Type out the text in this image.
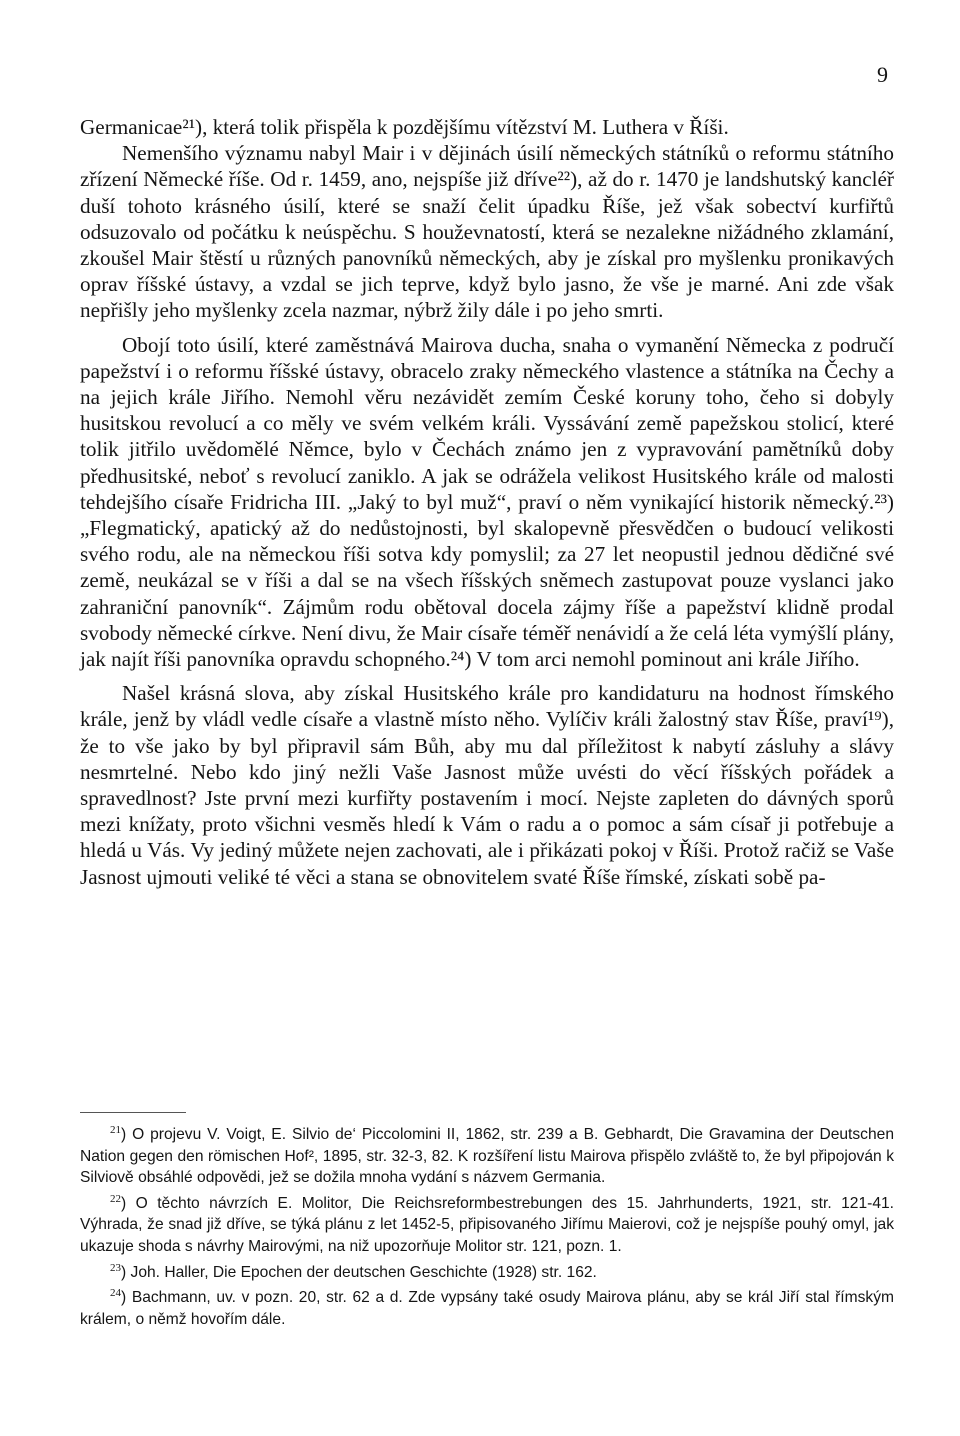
9

Germanicae²¹), která tolik přispěla k pozdějšímu vítězství M. Luthera v Říši.

Nemenšího významu nabyl Mair i v dějinách úsilí německých státníků o reformu státního zřízení Německé říše. Od r. 1459, ano, nejspíše již dříve²²), až do r. 1470 je landshutský kancléř duší tohoto krásného úsilí, které se snaží čelit úpadku Říše, jež však sobectví kurfiřtů odsuzovalo od počátku k neúspěchu. S houževnatostí, která se nezalekne nižádného zklamání, zkoušel Mair štěstí u různých panovníků německých, aby je získal pro myšlenku pronikavých oprav říšské ústavy, a vzdal se jich teprve, když bylo jasno, že vše je marné. Ani zde však nepřišly jeho myšlenky zcela nazmar, nýbrž žily dále i po jeho smrti.

Obojí toto úsilí, které zaměstnává Mairova ducha, snaha o vymanění Německa z područí papežství i o reformu říšské ústavy, obracelo zraky německého vlastence a státníka na Čechy a na jejich krále Jiřího. Nemohl věru nezávidět zemím České koruny toho, čeho si dobyly husitskou revolucí a co měly ve svém velkém králi. Vyssávání země papežskou stolicí, které tolik jitřilo uvědomělé Němce, bylo v Čechách známo jen z vypravování pamětníků doby předhusitské, neboť s revolucí zaniklo. A jak se odrážela velikost Husitského krále od malosti tehdejšího císaře Fridricha III. „Jaký to byl muž“, praví o něm vynikající historik německý.²³) „Flegmatický, apatický až do nedůstojnosti, byl skalopevně přesvědčen o budoucí velikosti svého rodu, ale na německou říši sotva kdy pomyslil; za 27 let neopustil jednou dědičné své země, neukázal se v říši a dal se na všech říšských sněmech zastupovat pouze vyslanci jako zahraniční panovník“. Zájmům rodu obětoval docela zájmy říše a papežství klidně prodal svobody německé církve. Není divu, že Mair císaře téměř nenávidí a že celá léta vymýšlí plány, jak najít říši panovníka opravdu schopného.²⁴) V tom arci nemohl pominout ani krále Jiřího.

Našel krásná slova, aby získal Husitského krále pro kandidaturu na hodnost římského krále, jenž by vládl vedle císaře a vlastně místo něho. Vylíčiv králi žalostný stav Říše, praví¹⁹), že to vše jako by byl připravil sám Bůh, aby mu dal příležitost k nabytí zásluhy a slávy nesmrtelné. Nebo kdo jiný nežli Vaše Jasnost může uvésti do věcí říšských pořádek a spravedlnost? Jste první mezi kurfiřty postavením i mocí. Nejste zapleten do dávných sporů mezi knížaty, proto všichni vesměs hledí k Vám o radu a o pomoc a sám císař ji potřebuje a hledá u Vás. Vy jediný můžete nejen zachovati, ale i přikázati pokoj v Říši. Protož račiž se Vaše Jasnost ujmouti veliké té věci a stana se obnovitelem svaté Říše římské, získati sobě pa-

$^{21}$) O projevu V. Voigt, E. Silvio de‘ Piccolomini II, 1862, str. 239 a B. Gebhardt, Die Gravamina der Deutschen Nation gegen den römischen Hof², 1895, str. 32-3, 82. K rozšíření listu Mairova přispělo zvláště to, že byl připojován k Silviově obsáhlé odpovědi, jež se dožila mnoha vydání s názvem Germania.

$^{22}$) O těchto návrzích E. Molitor, Die Reichsreformbestrebungen des 15. Jahrhunderts, 1921, str. 121-41. Výhrada, že snad již dříve, se týká plánu z let 1452-5, připisovaného Jiřímu Maierovi, což je nejspíše pouhý omyl, jak ukazuje shoda s návrhy Mairovými, na niž upozorňuje Molitor str. 121, pozn. 1.

$^{23}$) Joh. Haller, Die Epochen der deutschen Geschichte (1928) str. 162.

$^{24}$) Bachmann, uv. v pozn. 20, str. 62 a d. Zde vypsány také osudy Mairova plánu, aby se král Jiří stal římským králem, o němž hovořím dále.
